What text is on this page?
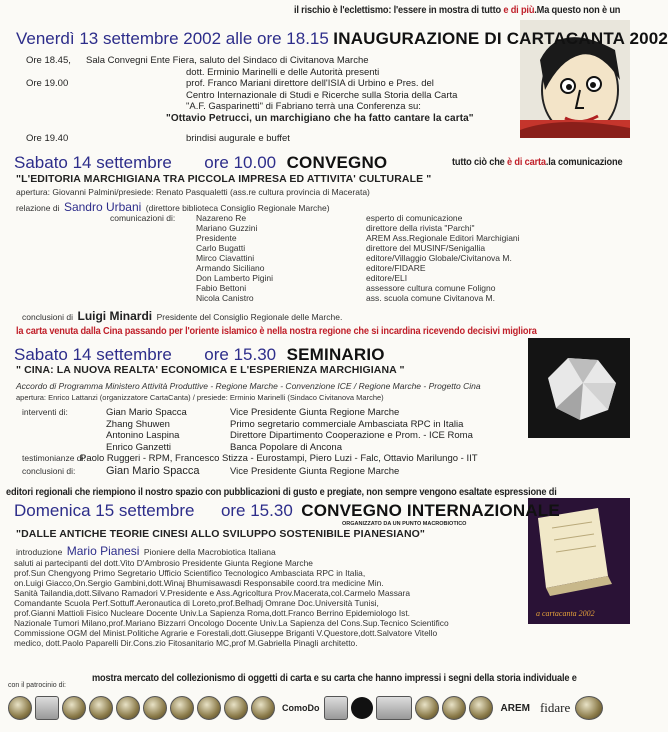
il rischio è l'eclettismo: l'essere in mostra di tutto e di più.Ma questo non è un
Venerdì 13 settembre 2002 alle ore 18.15 INAUGURAZIONE DI CARTACANTA 2002
Ore 18.45,	Sala Convegni Ente Fiera, saluto del Sindaco di Civitanova Marche
dott. Erminio Marinelli e delle Autorità presenti
Ore 19.00	prof. Franco Mariani direttore dell'ISIA di Urbino e Pres. del
Centro Internazionale di Studi e Ricerche sulla Storia della Carta
"A.F. Gasparinetti" di Fabriano terrà una Conferenza su:
"Ottavio Petrucci, un marchigiano che ha fatto cantare la carta"
Ore 19.40	brindisi augurale e buffet
Sabato 14 settembre ore 10.00 CONVEGNO	tutto ciò che è di carta.la comunicazione
"L'EDITORIA MARCHIGIANA TRA PICCOLA IMPRESA ED ATTIVITA' CULTURALE "
apertura: Giovanni Palmini/presiede: Renato Pasqualetti (ass.re cultura provincia di Macerata)
relazione di Sandro Urbani (direttore biblioteca Consiglio Regionale Marche)
comunicazioni di:	Nazareno Re	esperto di comunicazione
	Mariano Guzzini	direttore della rivista "Parchi"
	Presidente	AREM Ass.Regionale Editori Marchigiani
	Carlo Bugatti	direttore del MUSINF/Senigallia
	Mirco Ciavattini	editore/Villaggio Globale/Civitanova M.
	Armando Siciliano	editore/FIDARE
	Don Lamberto Pigini	editore/ELI
	Fabio Bettoni	assessore cultura comune Foligno
	Nicola Canistro	ass. scuola comune Civitanova M.
conclusioni di Luigi Minardi Presidente del Consiglio Regionale delle Marche.
la carta venuta dalla Cina passando per l'oriente islamico è nella nostra regione che si incardina ricevendo decisivi migliora
Sabato 14 settembre ore 15.30 SEMINARIO
" CINA: LA NUOVA REALTA' ECONOMICA E L'ESPERIENZA MARCHIGIANA "
Accordo di Programma Ministero Attività Produttive - Regione Marche - Convenzione ICE / Regione Marche - Progetto Cina
apertura: Enrico Lattanzi (organizzatore CartaCanta) / presiede: Erminio Marinelli (Sindaco Civitanova Marche)
interventi di:	Gian Mario Spacca	Vice Presidente Giunta Regione Marche
	Zhang Shuwen	Primo segretario commerciale Ambasciata RPC in Italia
	Antonino Laspina	Direttore Dipartimento Cooperazione e Prom. - ICE Roma
	Enrico Ganzetti	Banca Popolare di Ancona
testimonianze di:Paolo Ruggeri - RPM, Francesco Stizza - Eurostampi, Piero Luzi - Falc, Ottavio Marilungo - IIT
conclusioni di:	Gian Mario Spacca	Vice Presidente Giunta Regione Marche
editori regionali che riempiono il nostro spazio con pubblicazioni di gusto e pregiate, non sempre vengono esaltate espressione di
a cartacanta 2002
Domenica 15 settembre ore 15.30 CONVEGNO INTERNAZIONALE
ORGANIZZATO DA UN PUNTO MACROBIOTICO
"DALLE ANTICHE TEORIE CINESI ALLO SVILUPPO SOSTENIBILE PIANESIANO"
introduzione Mario Pianesi Pioniere della Macrobiotica Italiana
saluti ai partecipanti del dott.Vito D'Ambrosio Presidente Giunta Regione Marche
prof.Sun Chengyong Primo Segretario Ufficio Scientifico Tecnologico Ambasciata RPC in Italia,
on.Luigi Giacco,On.Sergio Gambini,dott.Winaj Bhumisawasdi Responsabile coord.tra medicine Min.
Sanità Tailandia,dott.Silvano Ramadori V.Presidente e Ass.Agricoltura Prov.Macerata,col.Carmelo Massara
Comandante Scuola Perf.Sottuff.Aeronautica di Loreto,prof.Belhadj Omrane Doc.Università Tunisi,
prof.Gianni Mattioli Fisico Nucleare Docente Univ.La Sapienza Roma,dott.Franco Berrino Epidemiologo Ist.
Nazionale Tumori Milano,prof.Mariano Bizzarri Oncologo Docente Univ.La Sapienza del Cons.Sup.Tecnico Scientifico
Commissione OGM del Minist.Politiche Agrarie e Forestali,dott.Giuseppe Briganti V.Questore,dott.Salvatore Vitello
medico, dott.Paolo Paparelli Dir.Cons.zio Fitosanitario MC,prof M.Gabriella Pinagli architetto.
mostra mercato del collezionismo di oggetti di carta e su carta che hanno impressi i segni della storia individuale e
con il patrocinio di:
ComoDo	AREM fidare
